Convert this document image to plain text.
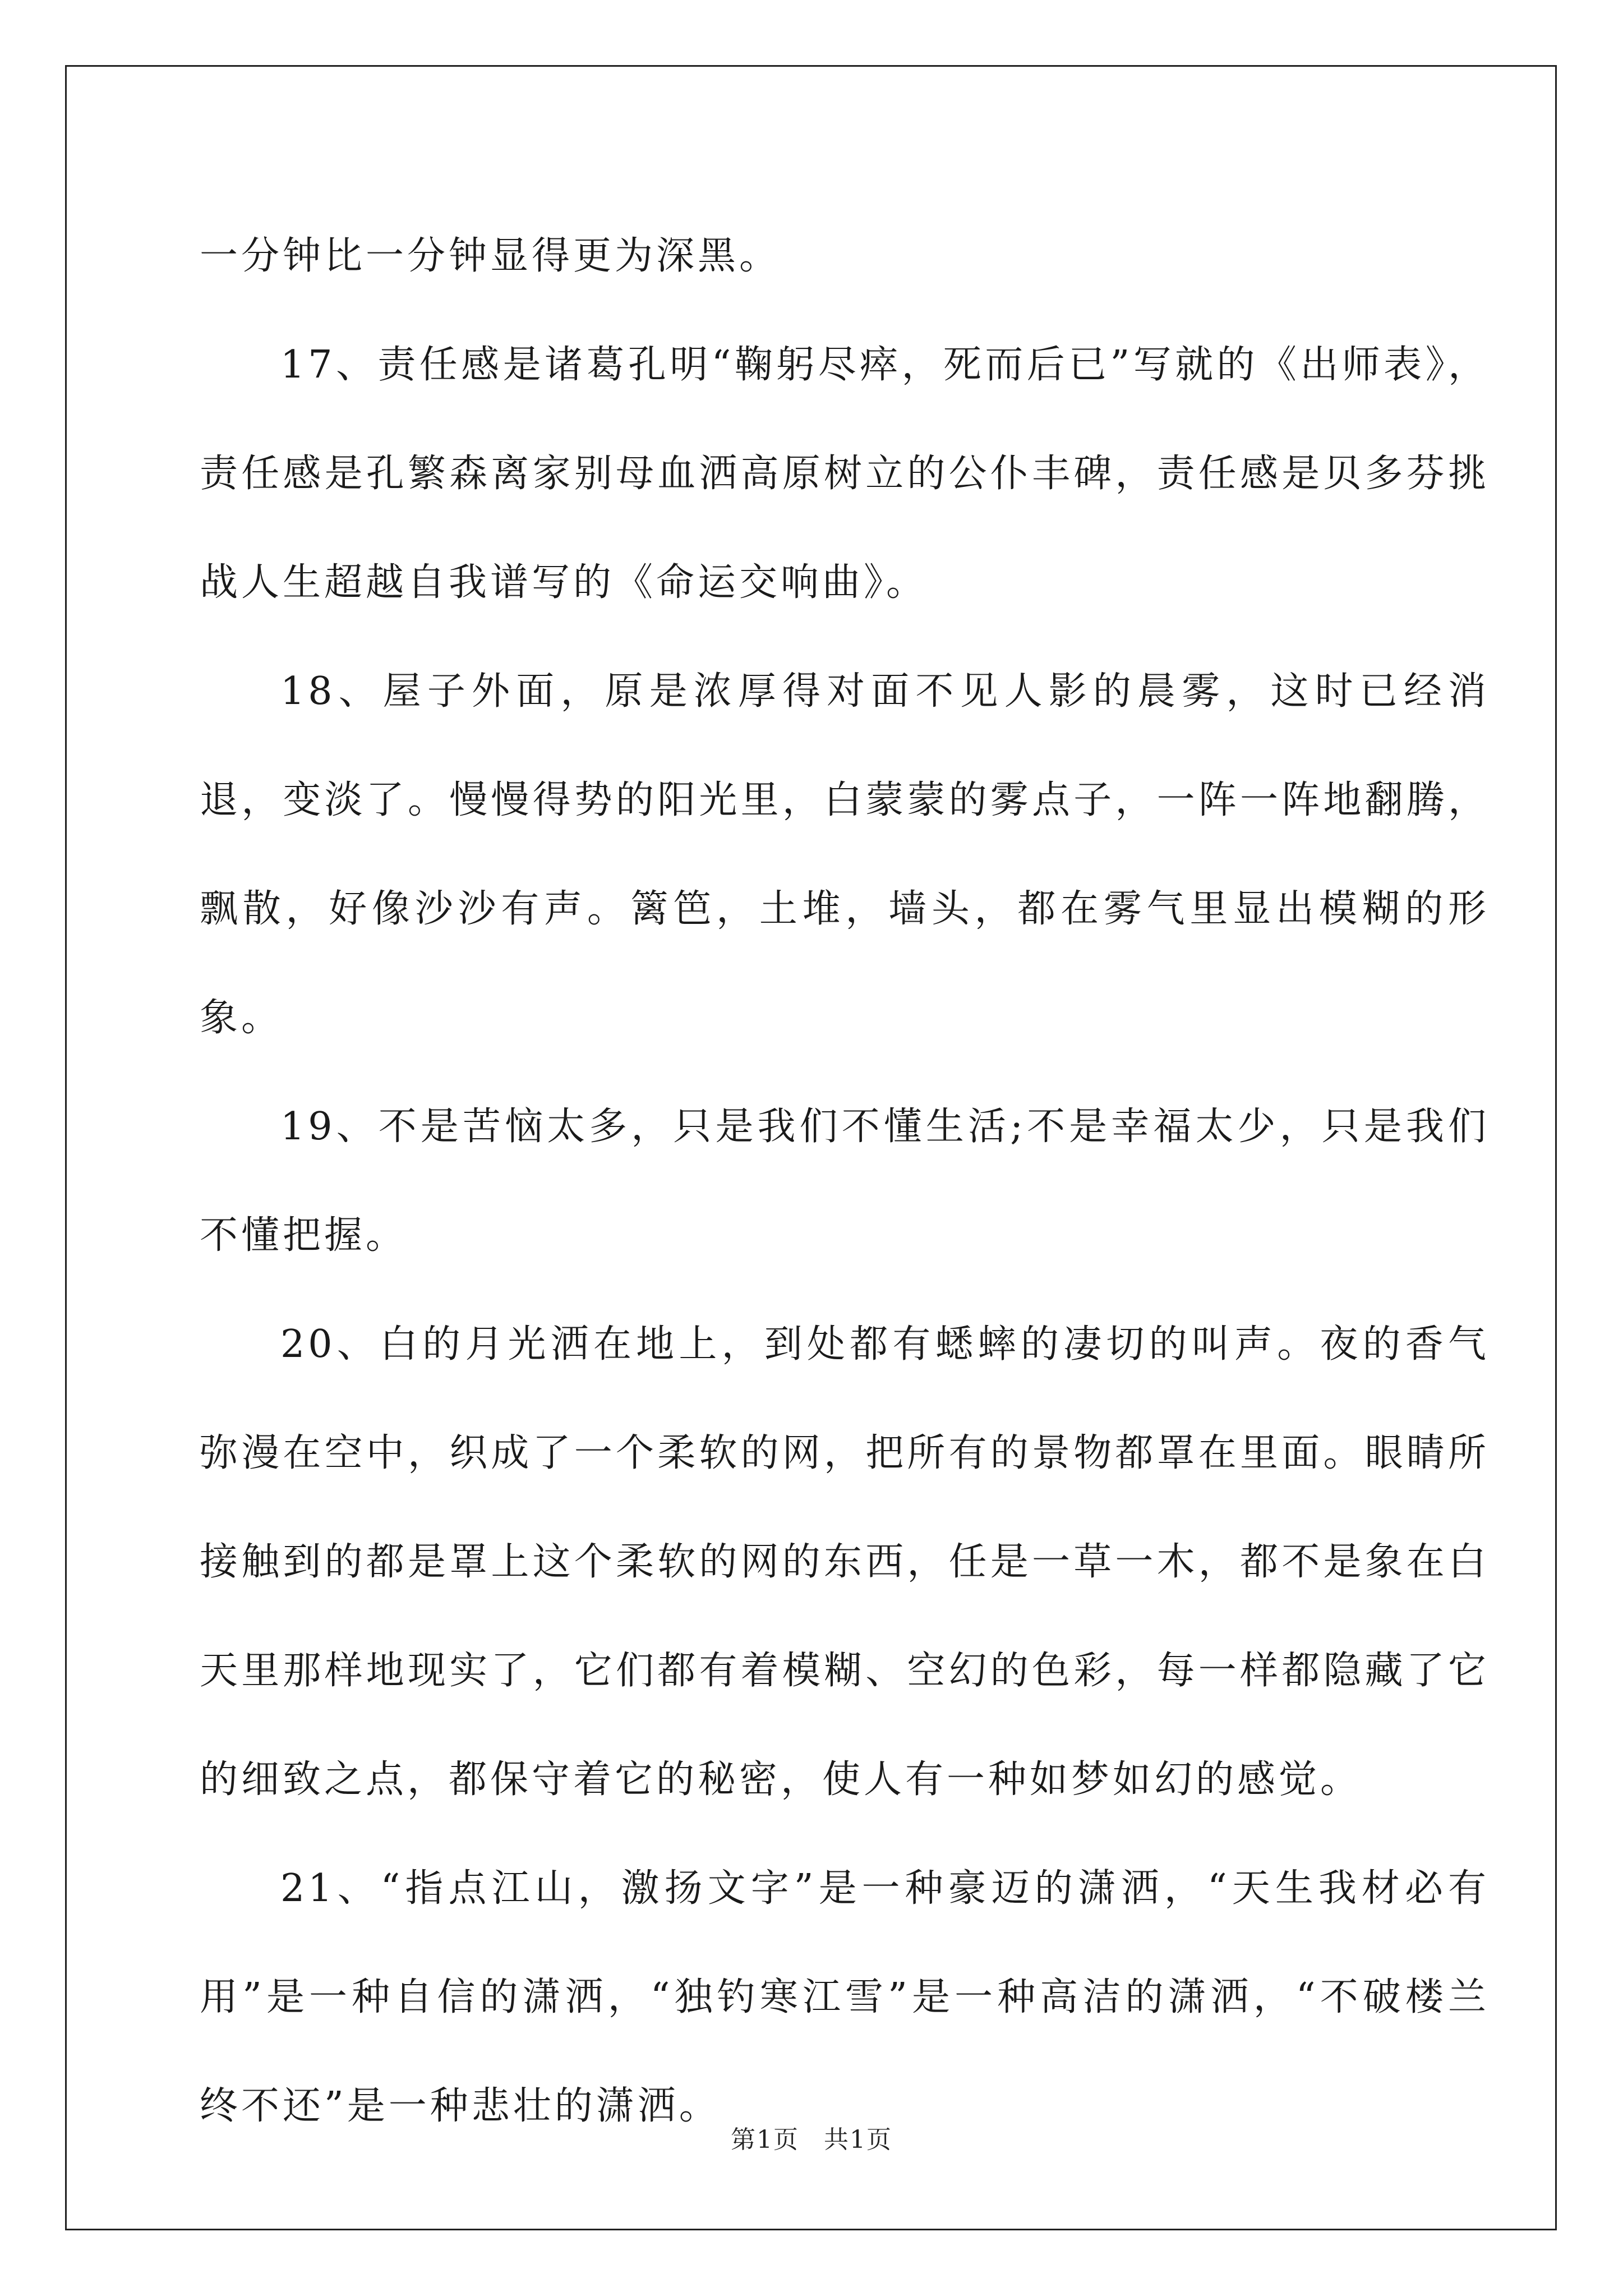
一分钟比一分钟显得更为深黑。

17、责任感是诸葛孔明“鞠躬尽瘁，死而后已”写就的《出师表》，责任感是孔繁森离家别母血洒高原树立的公仆丰碑，责任感是贝多芬挑战人生超越自我谱写的《命运交响曲》。

18、屋子外面，原是浓厚得对面不见人影的晨雾，这时已经消退，变淡了。慢慢得势的阳光里，白蒙蒙的雾点子，一阵一阵地翻腾，飘散，好像沙沙有声。篱笆，土堆，墙头，都在雾气里显出模糊的形象。

19、不是苦恼太多，只是我们不懂生活;不是幸福太少，只是我们不懂把握。

20、白的月光洒在地上，到处都有蟋蟀的凄切的叫声。夜的香气弥漫在空中，织成了一个柔软的网，把所有的景物都罩在里面。眼睛所接触到的都是罩上这个柔软的网的东西，任是一草一木，都不是象在白天里那样地现实了，它们都有着模糊、空幻的色彩，每一样都隐藏了它的细致之点，都保守着它的秘密，使人有一种如梦如幻的感觉。

21、“指点江山，激扬文字”是一种豪迈的潇洒，“天生我材必有用”是一种自信的潇洒，“独钓寒江雪”是一种高洁的潇洒，“不破楼兰终不还”是一种悲壮的潇洒。

第1页 共1页
